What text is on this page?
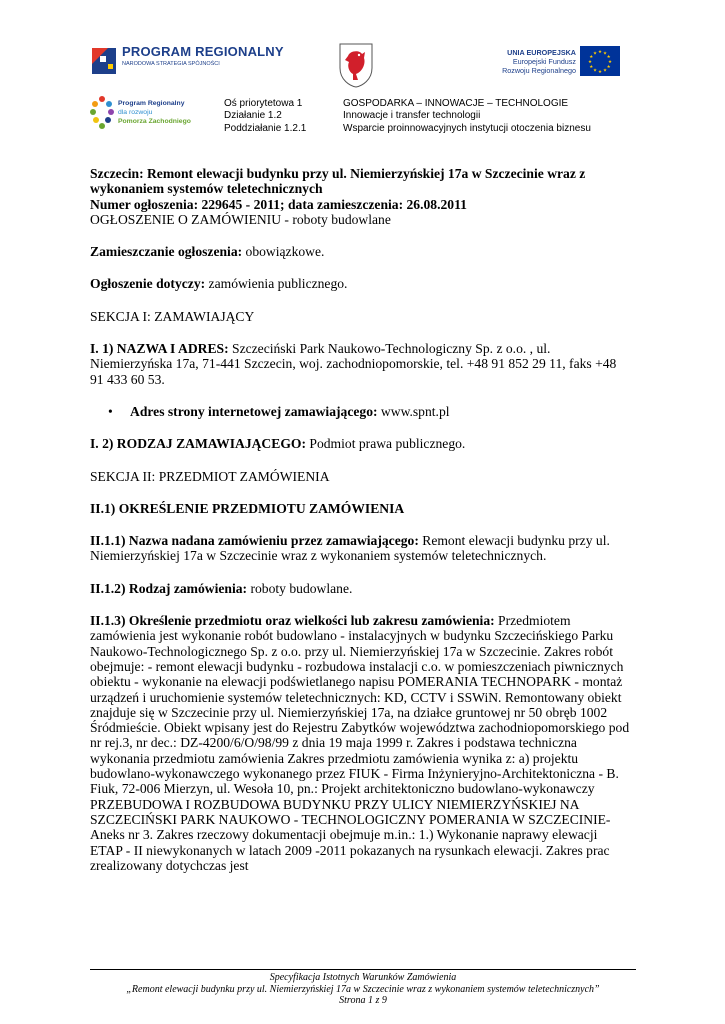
PROGRAM REGIONALNY
NARODOWA STRATEGIA SPÓJNOŚCI
UNIA EUROPEJSKA
Europejski Fundusz
Rozwoju Regionalnego
★ ★
★
★
★
★
★
★
★
★
★
★
Program Regionalny
dla rozwoju
Pomorza Zachodniego
Oś priorytetowa 1
Działanie 1.2
Poddziałanie 1.2.1
GOSPODARKA – INNOWACJE – TECHNOLOGIE
Innowacje i transfer technologii
Wsparcie proinnowacyjnych instytucji otoczenia biznesu

Szczecin: Remont elewacji budynku przy ul. Niemierzyńskiej 17a w Szczecinie wraz z wykonaniem systemów teletechnicznych
Numer ogłoszenia: 229645 - 2011; data zamieszczenia: 26.08.2011
OGŁOSZENIE O ZAMÓWIENIU - roboty budowlane

Zamieszczanie ogłoszenia: obowiązkowe.

Ogłoszenie dotyczy: zamówienia publicznego.

SEKCJA I: ZAMAWIAJĄCY

I. 1) NAZWA I ADRES: Szczeciński Park Naukowo-Technologiczny Sp. z o.o. , ul. Niemierzyńska 17a, 71-441 Szczecin, woj. zachodniopomorskie, tel. +48 91 852 29 11, faks +48 91 433 60 53.

•	Adres strony internetowej zamawiającego: www.spnt.pl

I. 2) RODZAJ ZAMAWIAJĄCEGO: Podmiot prawa publicznego.

SEKCJA II: PRZEDMIOT ZAMÓWIENIA

II.1) OKREŚLENIE PRZEDMIOTU ZAMÓWIENIA

II.1.1) Nazwa nadana zamówieniu przez zamawiającego: Remont elewacji budynku przy ul. Niemierzyńskiej 17a w Szczecinie wraz z wykonaniem systemów teletechnicznych.

II.1.2) Rodzaj zamówienia: roboty budowlane.

II.1.3) Określenie przedmiotu oraz wielkości lub zakresu zamówienia: Przedmiotem zamówienia jest wykonanie robót budowlano - instalacyjnych w budynku Szczecińskiego Parku Naukowo-Technologicznego Sp. z o.o. przy ul. Niemierzyńskiej 17a w Szczecinie. Zakres robót obejmuje: - remont elewacji budynku - rozbudowa instalacji c.o. w pomieszczeniach piwnicznych obiektu - wykonanie na elewacji podświetlanego napisu POMERANIA TECHNOPARK - montaż urządzeń i uruchomienie systemów teletechnicznych: KD, CCTV i SSWiN. Remontowany obiekt znajduje się w Szczecinie przy ul. Niemierzyńskiej 17a, na działce gruntowej nr 50 obręb 1002 Śródmieście. Obiekt wpisany jest do Rejestru Zabytków województwa zachodniopomorskiego pod nr rej.3, nr dec.: DZ-4200/6/O/98/99 z dnia 19 maja 1999 r. Zakres i podstawa techniczna wykonania przedmiotu zamówienia Zakres przedmiotu zamówienia wynika z: a) projektu budowlano-wykonawczego wykonanego przez FIUK - Firma Inżynieryjno-Architektoniczna - B. Fiuk, 72-006 Mierzyn, ul. Wesoła 10, pn.: Projekt architektoniczno budowlano-wykonawczy PRZEBUDOWA I ROZBUDOWA BUDYNKU PRZY ULICY NIEMIERZYŃSKIEJ NA SZCZECIŃSKI PARK NAUKOWO - TECHNOLOGICZNY POMERANIA W SZCZECINIE- Aneks nr 3. Zakres rzeczowy dokumentacji obejmuje m.in.: 1.) Wykonanie naprawy elewacji ETAP - II niewykonanych w latach 2009 -2011 pokazanych na rysunkach elewacji. Zakres prac zrealizowany dotychczas jest

Specyfikacja Istotnych Warunków Zamówienia
„Remont elewacji budynku przy ul. Niemierzyńskiej 17a w Szczecinie wraz z wykonaniem systemów teletechnicznych”
Strona 1 z 9
